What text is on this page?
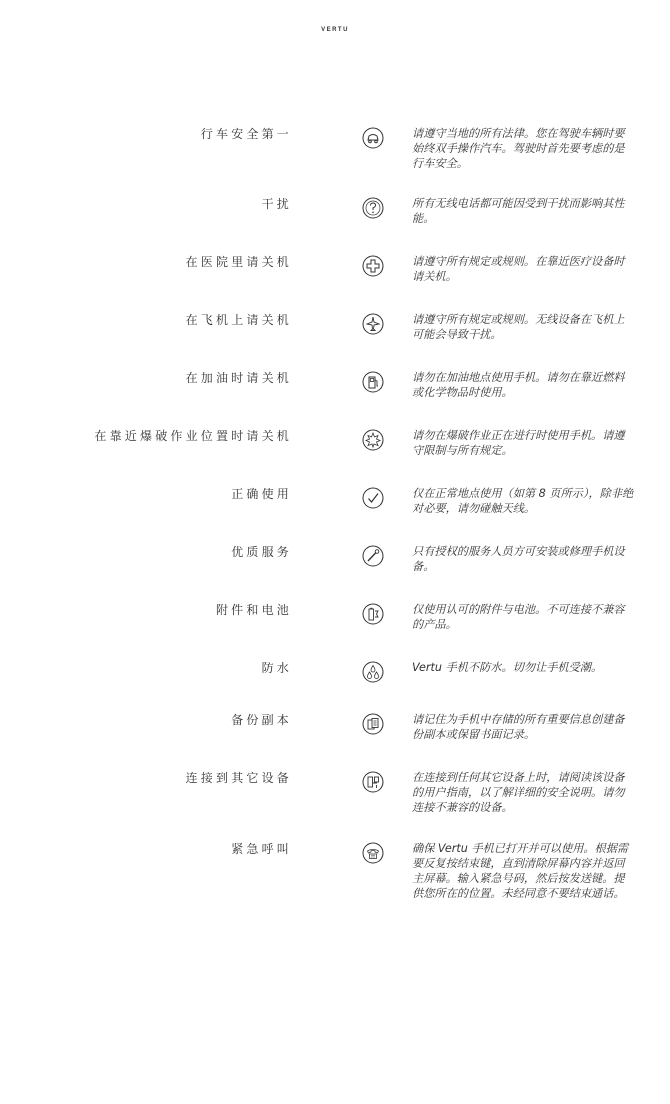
VERTU
行车安全第一	请遵守当地的所有法律。您在驾驶车辆时要始终双手操作汽车。驾驶时首先要考虑的是行车安全。
干扰	所有无线电话都可能因受到干扰而影响其性能。
在医院里请关机	请遵守所有规定或规则。在靠近医疗设备时请关机。
在飞机上请关机	请遵守所有规定或规则。无线设备在飞机上可能会导致干扰。
在加油时请关机	请勿在加油地点使用手机。请勿在靠近燃料或化学物品时使用。
在靠近爆破作业位置时请关机	请勿在爆破作业正在进行时使用手机。请遵守限制与所有规定。
正确使用	仅在正常地点使用（如第 8 页所示），除非绝对必要，请勿碰触天线。
优质服务	只有授权的服务人员方可安装或修理手机设备。
附件和电池	仅使用认可的附件与电池。不可连接不兼容的产品。
防水	Vertu 手机不防水。切勿让手机受潮。
备份副本	请记住为手机中存储的所有重要信息创建备份副本或保留书面记录。
连接到其它设备	在连接到任何其它设备上时，请阅读该设备的用户指南，以了解详细的安全说明。请勿连接不兼容的设备。
紧急呼叫	确保 Vertu 手机已打开并可以使用。根据需要反复按结束键，直到清除屏幕内容并返回主屏幕。输入紧急号码，然后按发送键。提供您所在的位置。未经同意不要结束通话。
